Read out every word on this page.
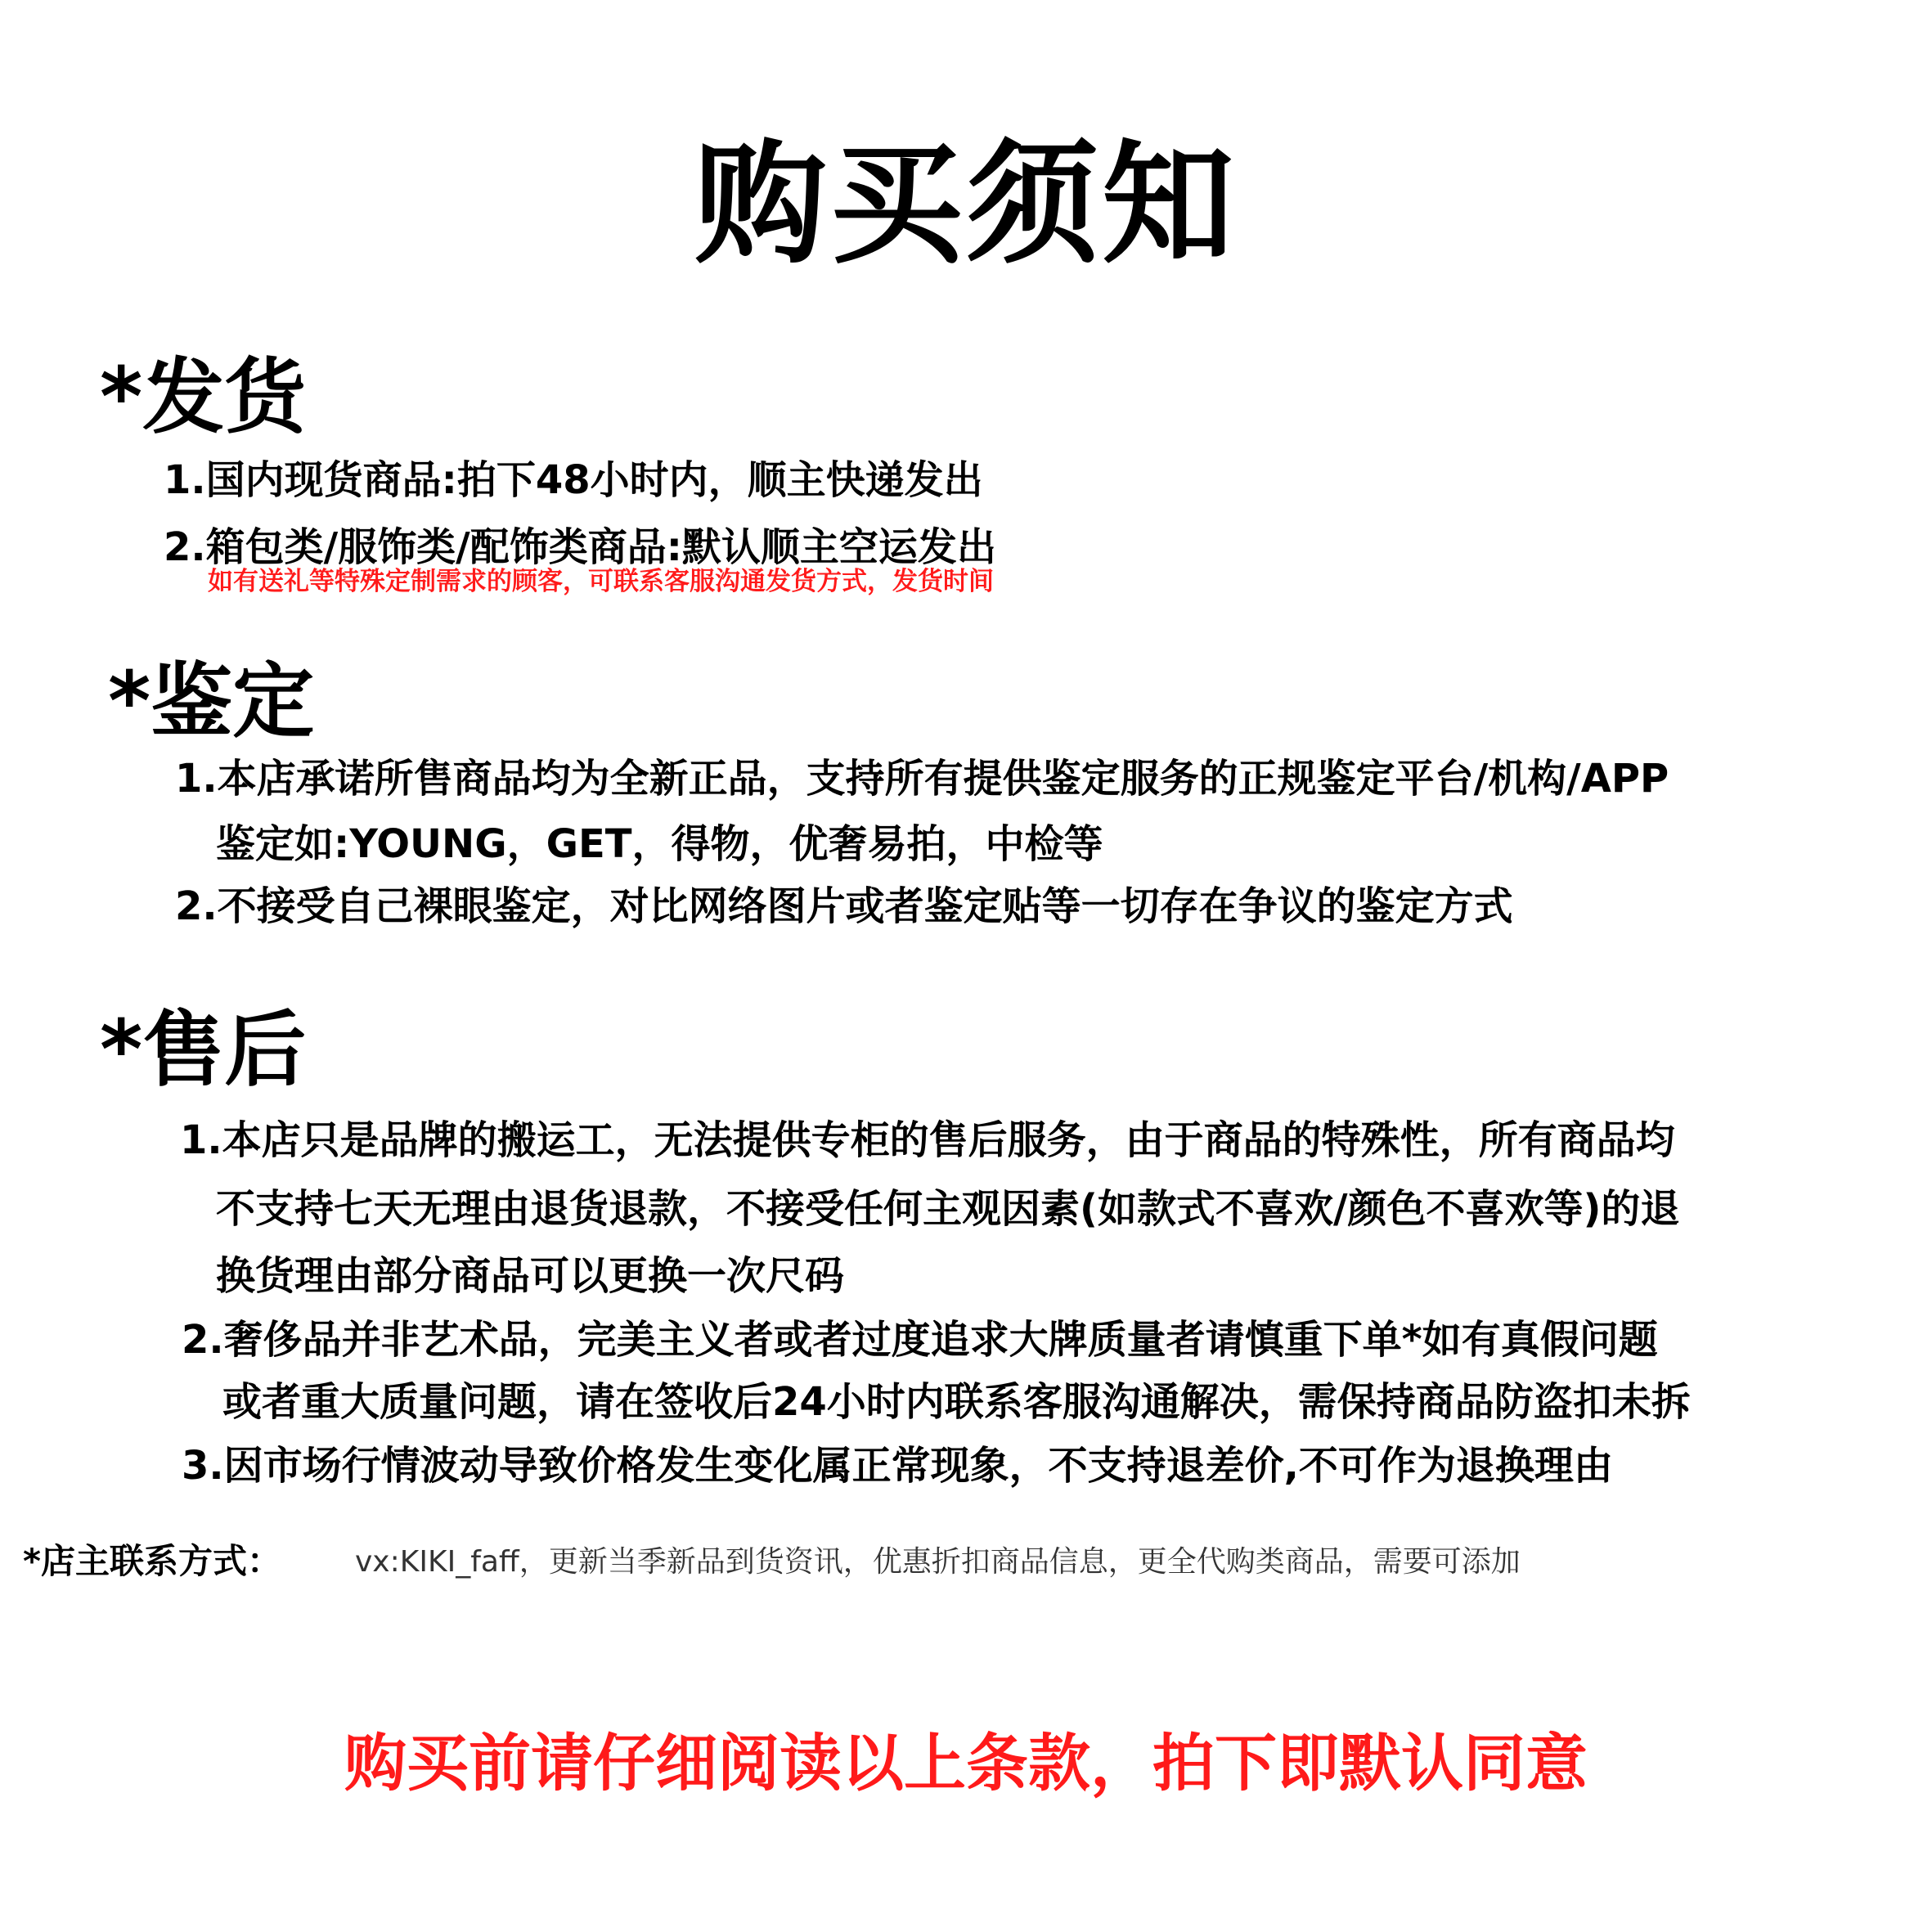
购买须知
*发货
1.国内现货商品:拍下48小时内，顺主快递发出
2.箱包类/服饰类/配饰类商品:默认顺主空运发出
如有送礼等特殊定制需求的顾客，可联系客服沟通发货方式，发货时间
*鉴定
1.本店承诺所售商品均为全新正品，支持所有提供鉴定服务的正规鉴定平台/机构/APP
鉴定如:YOUNG，GET，得物，优奢易拍，中检等
2.不接受自己裸眼鉴定，对比网络图片或者鉴定贴等一切存在争议的鉴定方式
*售后
1.本店只是品牌的搬运工，无法提供专柜的售后服务，由于商品的特殊性，所有商品均
不支持七天无理由退货退款，不接受任何主观因素(如款式不喜欢/颜色不喜欢等)的退
换货理由部分商品可以更换一次尺码
2.奢侈品并非艺术品，完美主义者或者过度追求大牌质量者请慎重下单*如有真假问题
或者重大质量问题，请在签收后24小时内联系客服沟通解决，需保持商品防盗扣未拆
3.因市场行情波动导致价格发生变化属正常现象，不支持退差价,不可作为退换理由
*店主联系方式：	vx:KIKI_faff，更新当季新品到货资讯，优惠折扣商品信息，更全代购类商品，需要可添加
购买前请仔细阅读以上条款，拍下即默认同意
